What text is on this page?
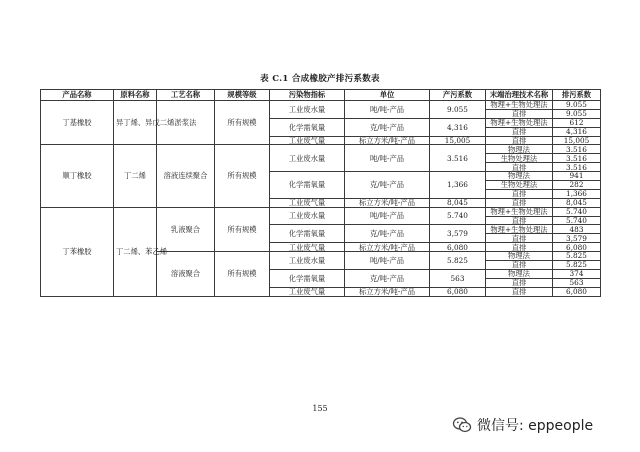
表 C.1 合成橡胶产排污系数表
产品名称	原料名称	工艺名称	规模等级	污染物指标	单位	产污系数	末端治理技术名称	排污系数
丁基橡胶	异丁烯、异戊二烯	淤浆法	所有规模	工业废水量	吨/吨-产品	9.055	物理+生物处理法	9.055
							直排	9.055
				化学需氧量	克/吨-产品	4,316	物理+生物处理法	612
							直排	4,316
				工业废气量	标立方米/吨-产品	15,005	直排	15,005
顺丁橡胶	丁二烯	溶液连续聚合	所有规模	工业废水量	吨/吨-产品	3.516	物理法	3.516
							生物处理法	3.516
							直排	3.516
				化学需氧量	克/吨-产品	1,366	物理法	941
							生物处理法	282
							直排	1,366
				工业废气量	标立方米/吨-产品	8,045	直排	8,045
丁苯橡胶	丁二烯、苯乙烯	乳液聚合	所有规模	工业废水量	吨/吨-产品	5.740	物理+生物处理法	5.740
							直排	5.740
				化学需氧量	克/吨-产品	3,579	物理+生物处理法	483
							直排	3,579
				工业废气量	标立方米/吨-产品	6,080	直排	6,080
		溶液聚合	所有规模	工业废水量	吨/吨-产品	5.825	物理法	5.825
							直排	5.825
				化学需氧量	克/吨-产品	563	物理法	374
							直排	563
				工业废气量	标立方米/吨-产品	6,080	直排	6,080
155
微信号: eppeople
